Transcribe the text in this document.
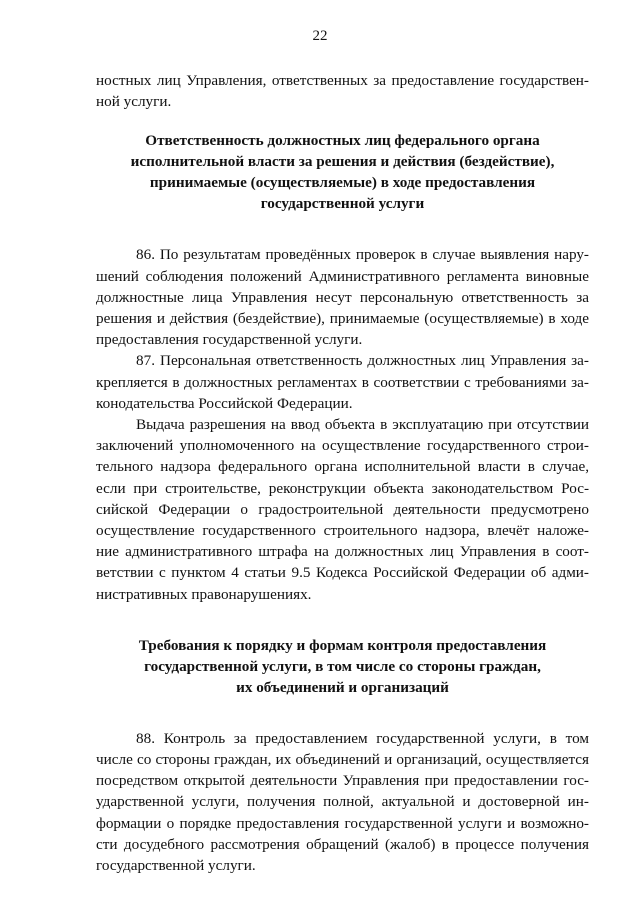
22
ностных лиц Управления, ответственных за предоставление государствен-
ной услуги.
Ответственность должностных лиц федерального органа
исполнительной власти за решения и действия (бездействие),
принимаемые (осуществляемые) в ходе предоставления
государственной услуги
86. По результатам проведённых проверок в случае выявления нару-
шений соблюдения положений Административного регламента виновные
должностные лица Управления несут персональную ответственность за
решения и действия (бездействие), принимаемые (осуществляемые) в ходе
предоставления государственной услуги.
87. Персональная ответственность должностных лиц Управления за-
крепляется в должностных регламентах в соответствии с требованиями за-
конодательства Российской Федерации.
Выдача разрешения на ввод объекта в эксплуатацию при отсутствии
заключений уполномоченного на осуществление государственного строи-
тельного надзора федерального органа исполнительной власти в случае,
если при строительстве, реконструкции объекта законодательством Рос-
сийской Федерации о градостроительной деятельности предусмотрено
осуществление государственного строительного надзора, влечёт наложе-
ние административного штрафа на должностных лиц Управления в соот-
ветствии с пунктом 4 статьи 9.5 Кодекса Российской Федерации об адми-
нистративных правонарушениях.
Требования к порядку и формам контроля предоставления
государственной услуги, в том числе со стороны граждан,
их объединений и организаций
88. Контроль за предоставлением государственной услуги, в том
числе со стороны граждан, их объединений и организаций, осуществляется
посредством открытой деятельности Управления при предоставлении гос-
ударственной услуги, получения полной, актуальной и достоверной ин-
формации о порядке предоставления государственной услуги и возможно-
сти досудебного рассмотрения обращений (жалоб) в процессе получения
государственной услуги.
